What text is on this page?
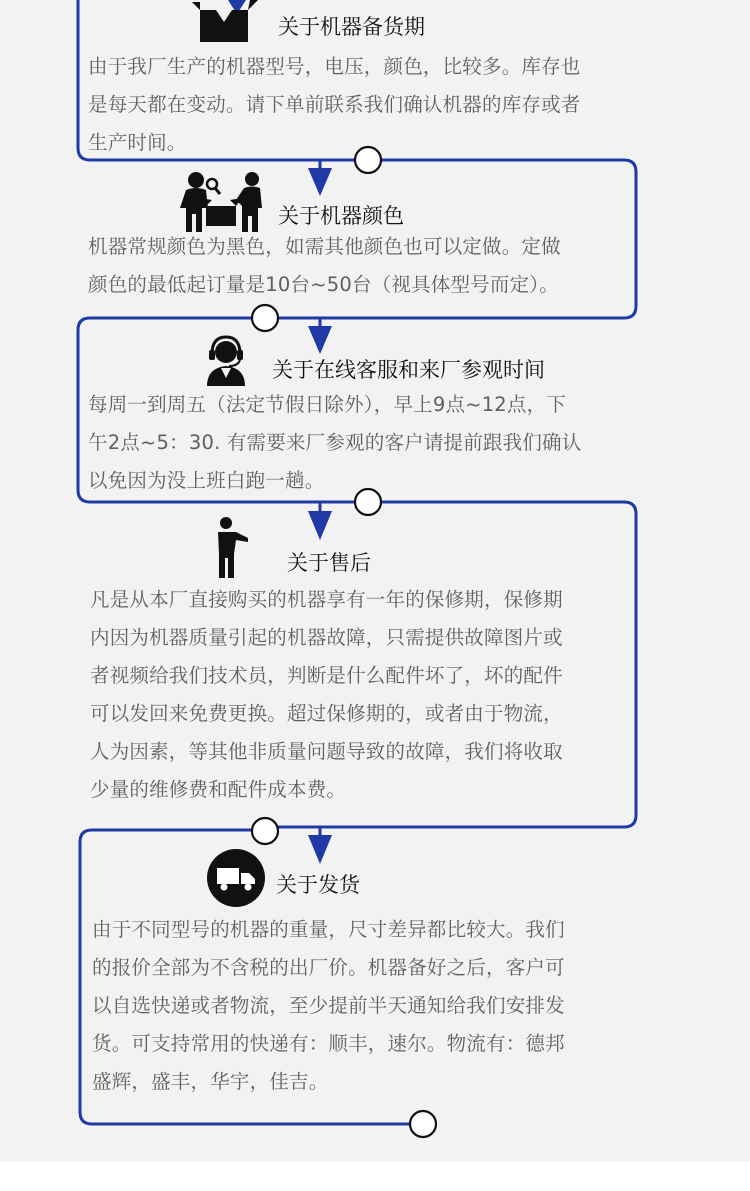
关于机器备货期
由于我厂生产的机器型号，电压，颜色，比较多。库存也
是每天都在变动。请下单前联系我们确认机器的库存或者
生产时间。
关于机器颜色
机器常规颜色为黑色，如需其他颜色也可以定做。定做
颜色的最低起订量是10台~50台（视具体型号而定）。
关于在线客服和来厂参观时间
每周一到周五（法定节假日除外），早上9点~12点，下
午2点~5：30. 有需要来厂参观的客户请提前跟我们确认
以免因为没上班白跑一趟。
关于售后
凡是从本厂直接购买的机器享有一年的保修期，保修期
内因为机器质量引起的机器故障，只需提供故障图片或
者视频给我们技术员，判断是什么配件坏了，坏的配件
可以发回来免费更换。超过保修期的，或者由于物流，
人为因素，等其他非质量问题导致的故障，我们将收取
少量的维修费和配件成本费。
关于发货
由于不同型号的机器的重量，尺寸差异都比较大。我们
的报价全部为不含税的出厂价。机器备好之后，客户可
以自选快递或者物流，至少提前半天通知给我们安排发
货。可支持常用的快递有：顺丰，速尔。物流有：德邦
盛辉，盛丰，华宇，佳吉。
